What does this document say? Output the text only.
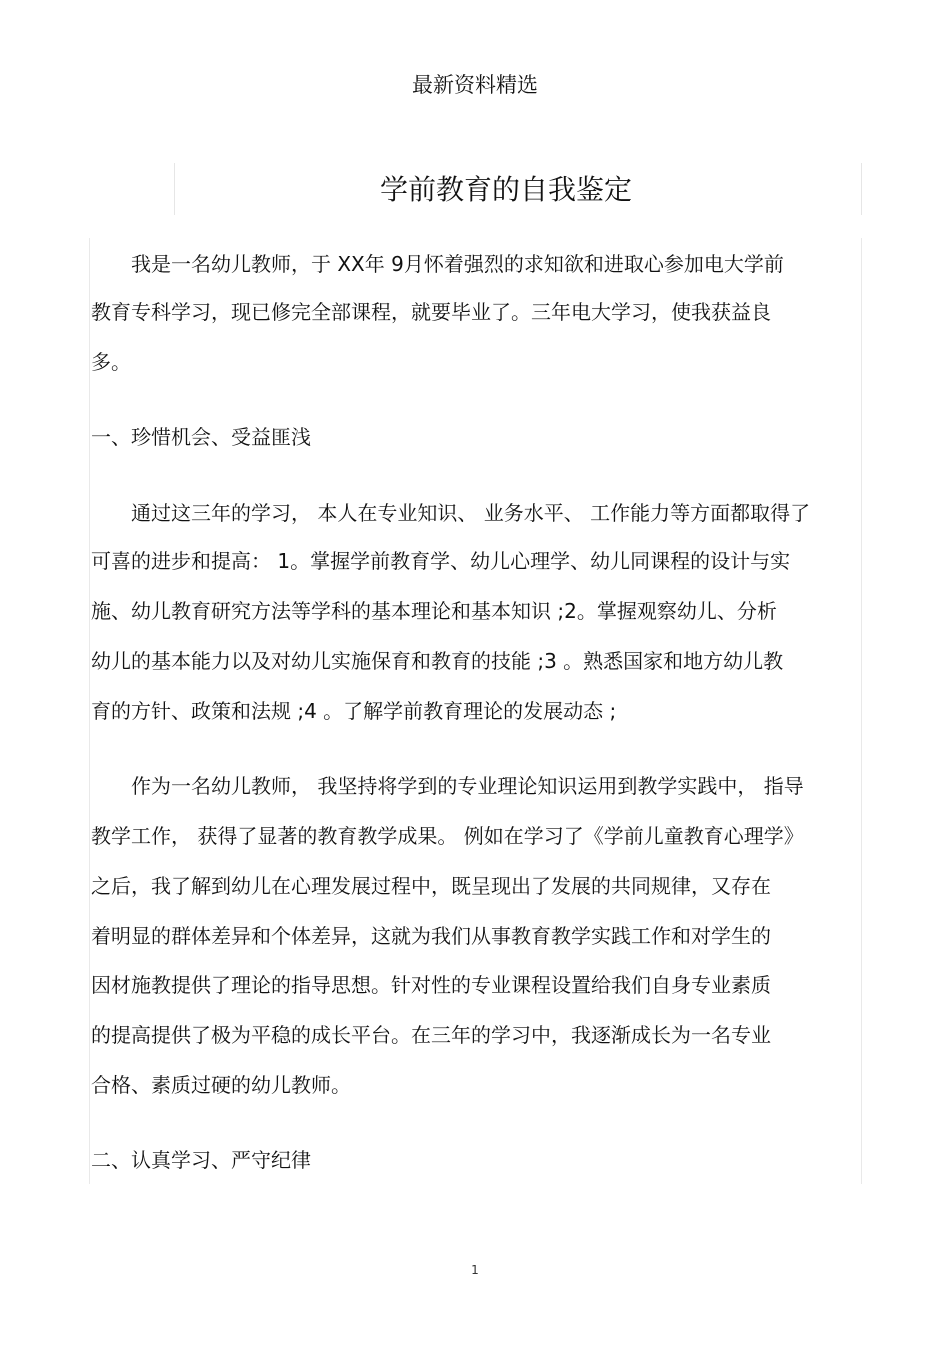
最新资料精选
学前教育的自我鉴定
我是一名幼儿教师，于 XX年 9月怀着强烈的求知欲和进取心参加电大学前
教育专科学习，现已修完全部课程，就要毕业了。三年电大学习，使我获益良
多。
一、珍惜机会、受益匪浅
通过这三年的学习， 本人在专业知识、 业务水平、 工作能力等方面都取得了
可喜的进步和提高： 1。掌握学前教育学、幼儿心理学、幼儿同课程的设计与实
施、幼儿教育研究方法等学科的基本理论和基本知识 ;2。掌握观察幼儿、分析
幼儿的基本能力以及对幼儿实施保育和教育的技能 ;3 。熟悉国家和地方幼儿教
育的方针、政策和法规 ;4 。了解学前教育理论的发展动态 ;
作为一名幼儿教师， 我坚持将学到的专业理论知识运用到教学实践中， 指导
教学工作， 获得了显著的教育教学成果。 例如在学习了《学前儿童教育心理学》
之后，我了解到幼儿在心理发展过程中，既呈现出了发展的共同规律，又存在
着明显的群体差异和个体差异，这就为我们从事教育教学实践工作和对学生的
因材施教提供了理论的指导思想。针对性的专业课程设置给我们自身专业素质
的提高提供了极为平稳的成长平台。在三年的学习中，我逐渐成长为一名专业
合格、素质过硬的幼儿教师。
二、认真学习、严守纪律
1
